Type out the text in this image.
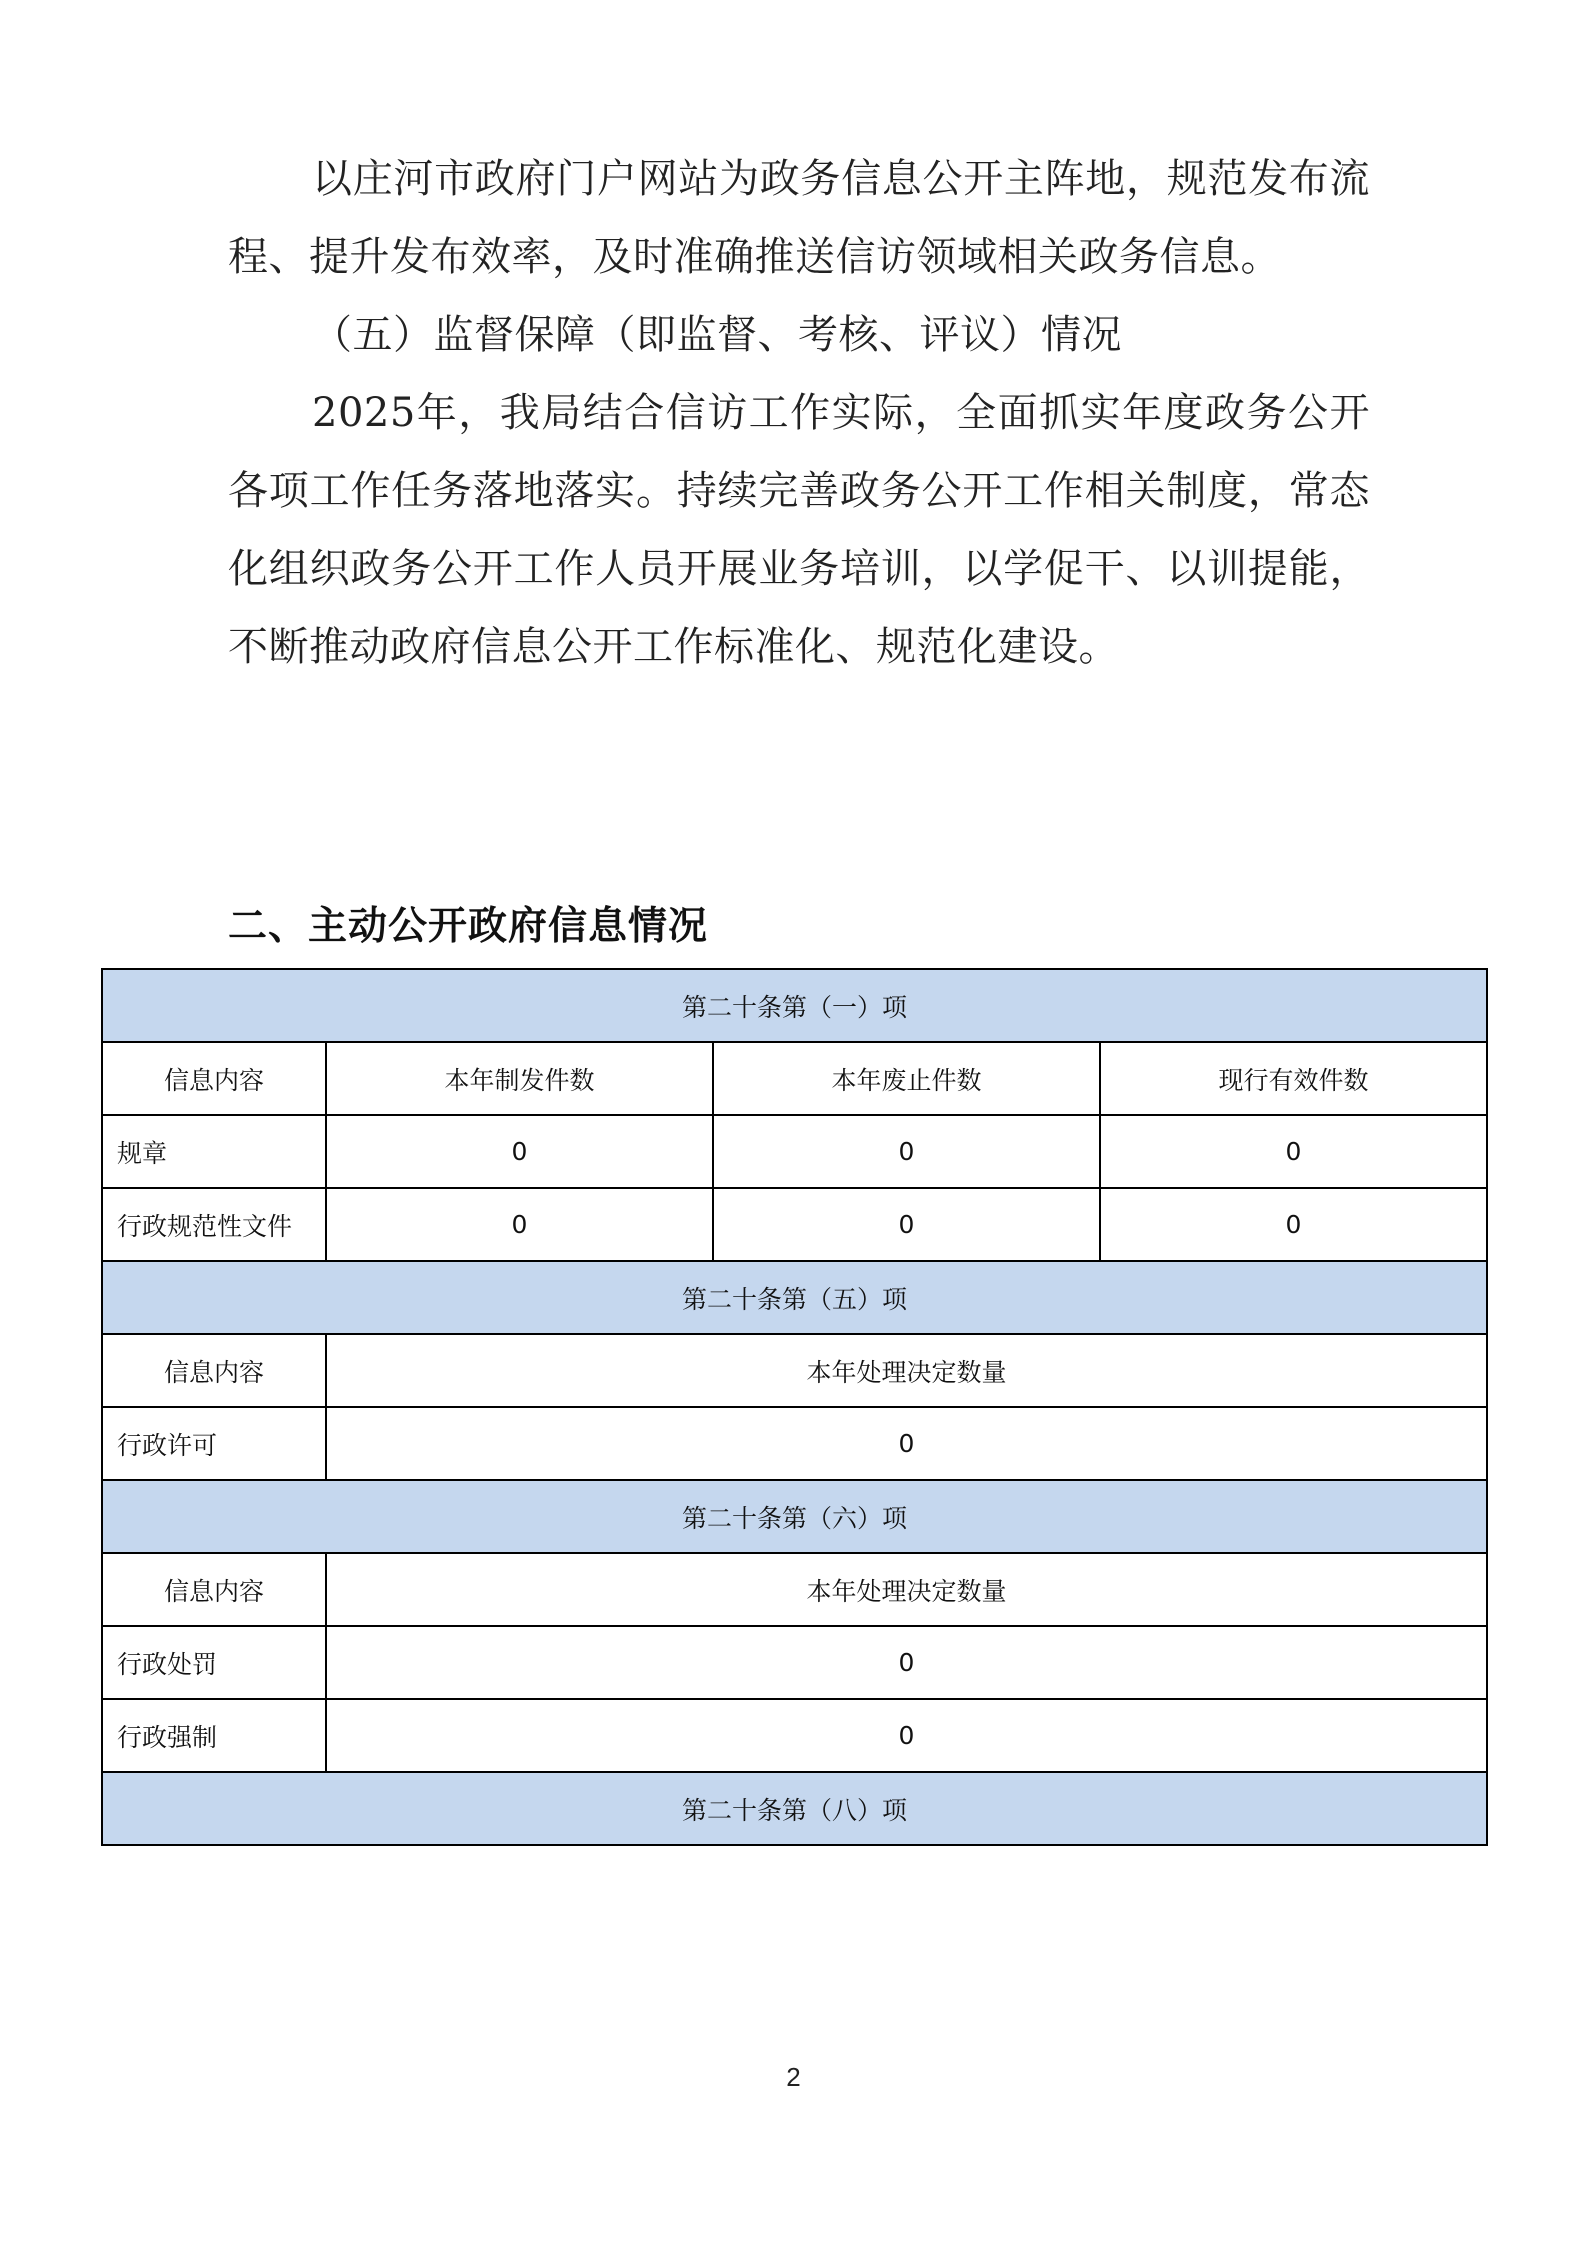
以庄河市政府门户网站为政务信息公开主阵地，规范发布流程、提升发布效率，及时准确推送信访领域相关政务信息。

（五）监督保障（即监督、考核、评议）情况

2025年，我局结合信访工作实际，全面抓实年度政务公开各项工作任务落地落实。持续完善政务公开工作相关制度，常态化组织政务公开工作人员开展业务培训，以学促干、以训提能，不断推动政府信息公开工作标准化、规范化建设。

二、主动公开政府信息情况
第二十条第（一）项			
信息内容	本年制发件数	本年废止件数	现行有效件数
规章	0	0	0
行政规范性文件	0	0	0
第二十条第（五）项			
信息内容	本年处理决定数量		
行政许可	0		
第二十条第（六）项			
信息内容	本年处理决定数量		
行政处罚	0		
行政强制	0		
第二十条第（八）项			
2
